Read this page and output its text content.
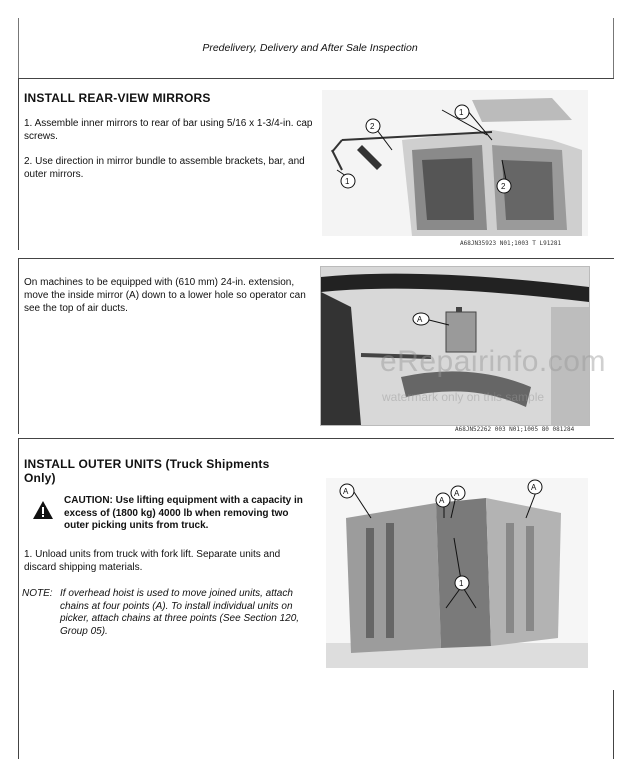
Predelivery, Delivery and After Sale Inspection
INSTALL REAR-VIEW MIRRORS
1. Assemble inner mirrors to rear of bar using 5/16 x 1-3/4-in. cap screws.
2. Use direction in mirror bundle to assemble brackets, bar, and outer mirrors.
1
2
1
2
A68JN35923 N01;1003 T L91281
On machines to be equipped with (610 mm) 24-in. extension, move the inside mirror (A) down to a lower hole so operator can see the top of air ducts.
A
A68JN52262 003 N01;1005 80 081284
eRepairinfo.com
watermark only on this sample
INSTALL OUTER UNITS (Truck Shipments Only)
CAUTION: Use lifting equipment with a capacity in excess of (1800 kg) 4000 lb when removing two outer picking units from truck.
1. Unload units from truck with fork lift. Separate units and discard shipping materials.
NOTE: If overhead hoist is used to move joined units, attach chains at four points (A). To install individual units on picker, attach chains at three points (See Section 120, Group 05).
A
A
A
A
1
